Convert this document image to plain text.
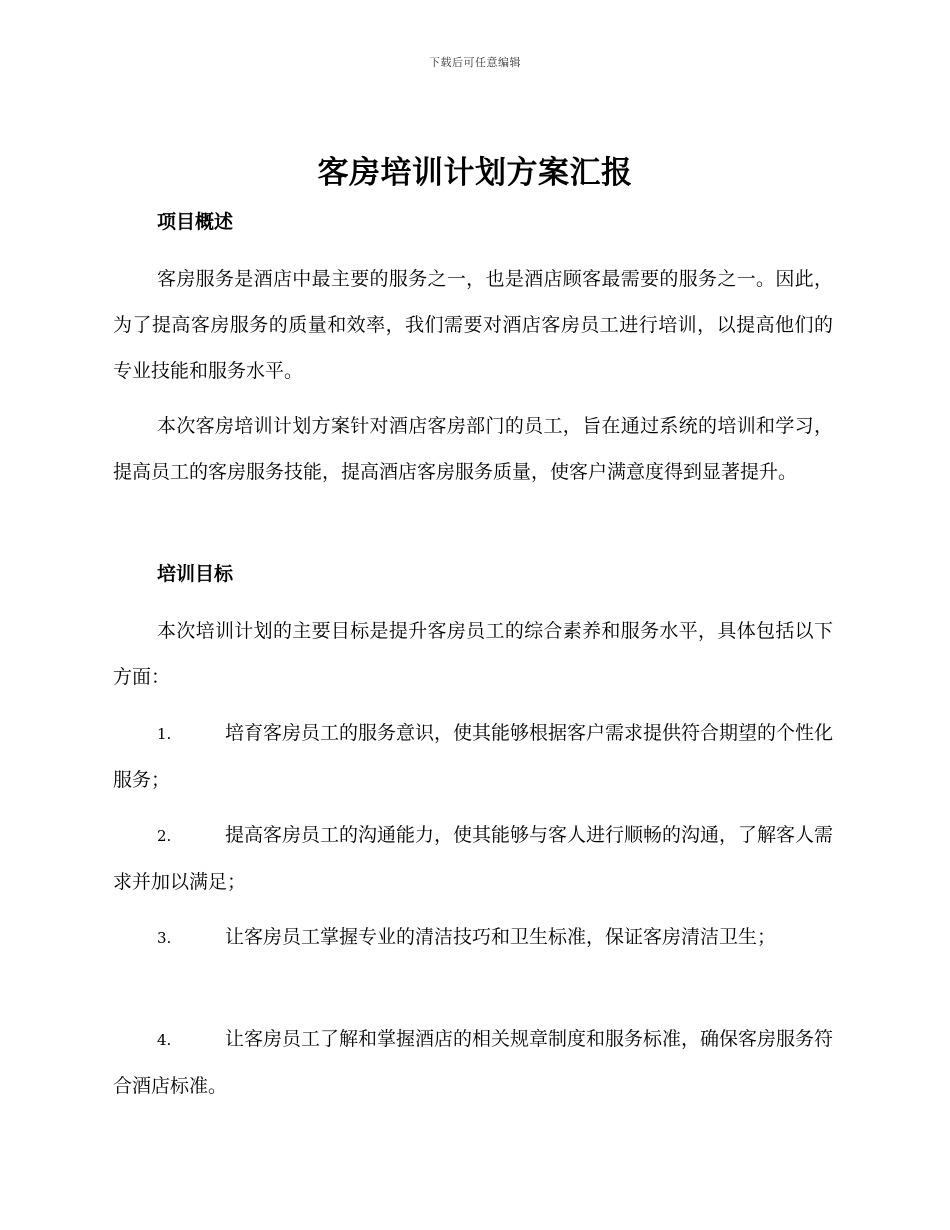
下载后可任意编辑
客房培训计划方案汇报
项目概述

客房服务是酒店中最主要的服务之一，也是酒店顾客最需要的服务之一。因此，为了提高客房服务的质量和效率，我们需要对酒店客房员工进行培训，以提高他们的专业技能和服务水平。

本次客房培训计划方案针对酒店客房部门的员工，旨在通过系统的培训和学习，提高员工的客房服务技能，提高酒店客房服务质量，使客户满意度得到显著提升。

培训目标

本次培训计划的主要目标是提升客房员工的综合素养和服务水平，具体包括以下方面：

1.	培育客房员工的服务意识，使其能够根据客户需求提供符合期望的个性化服务；

2.	提高客房员工的沟通能力，使其能够与客人进行顺畅的沟通，了解客人需求并加以满足；

3.	让客房员工掌握专业的清洁技巧和卫生标准，保证客房清洁卫生；

4.	让客房员工了解和掌握酒店的相关规章制度和服务标准，确保客房服务符合酒店标准。
